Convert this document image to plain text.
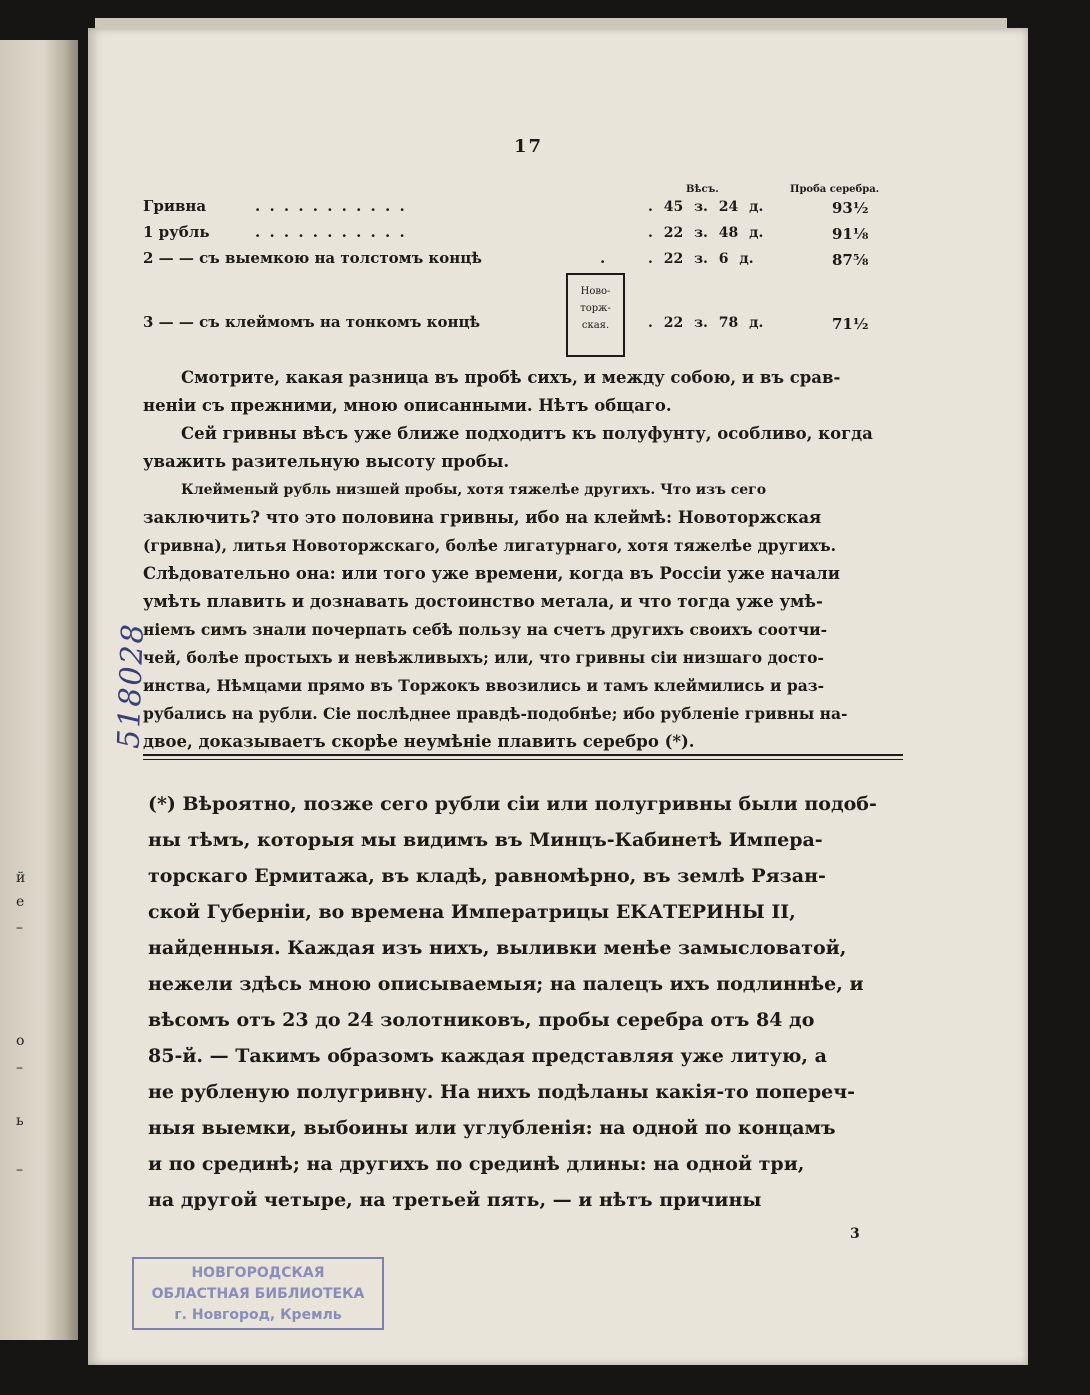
й
е
–
о
–
ь
–
17
Вѣсъ.	Проба серебра.
Гривна	. . . . . . . . . . .	. 45 з. 24 д.	93½
1 рубль	. . . . . . . . . . .	. 22 з. 48 д.	91⅛
2 — — съ выемкою на толстомъ концѣ	.	. 22 з. 6 д.	87⅝
3 — — съ клеймомъ на тонкомъ концѣ	. 22 з. 78 д.	71½
Ново-
торж-
ская.
Смотрите, какая разница въ пробѣ сихъ, и между собою, и въ срав-
неніи съ прежними, мною описанными. Нѣтъ общаго.
Сей гривны вѣсъ уже ближе подходитъ къ полуфунту, особливо, когда
уважить разительную высоту пробы.
Клейменый рубль низшей пробы, хотя тяжелѣе другихъ. Что изъ сего
заключить? что это половина гривны, ибо на клеймѣ: Новоторжская
(гривна), литья Новоторжскаго, болѣе лигатурнаго, хотя тяжелѣе другихъ.
Слѣдовательно она: или того уже времени, когда въ Россіи уже начали
умѣть плавить и дознавать достоинство метала, и что тогда уже умѣ-
ніемъ симъ знали почерпать себѣ пользу на счетъ другихъ своихъ соотчи-
чей, болѣе простыхъ и невѣжливыхъ; или, что гривны сіи низшаго досто-
инства, Нѣмцами прямо въ Торжокъ ввозились и тамъ клеймились и раз-
рубались на рубли. Сіе послѣднее правдѣ-подобнѣе; ибо рубленіе гривны на-
двое, доказываетъ скорѣе неумѣніе плавить серебро (*).
518028
(*) Вѣроятно, позже сего рубли сіи или полугривны были подоб-
ны тѣмъ, которыя мы видимъ въ Минцъ-Кабинетѣ Импера-
торскаго Ермитажа, въ кладѣ, равномѣрно, въ землѣ Рязан-
ской Губерніи, во времена Императрицы ЕКАТЕРИНЫ II,
найденныя. Каждая изъ нихъ, выливки менѣе замысловатой,
нежели здѣсь мною описываемыя; на палецъ ихъ подлиннѣе, и
вѣсомъ отъ 23 до 24 золотниковъ, пробы серебра отъ 84 до
85-й. — Такимъ образомъ каждая представляя уже литую, а
не рубленую полугривну. На нихъ подѣланы какія-то попереч-
ныя выемки, выбоины или углубленія: на одной по концамъ
и по срединѣ; на другихъ по срединѣ длины: на одной три,
на другой четыре, на третьей пять, — и нѣтъ причины
3
НОВГОРОДСКАЯ
ОБЛАСТНАЯ БИБЛИОТЕКА
г. Новгород, Кремль
